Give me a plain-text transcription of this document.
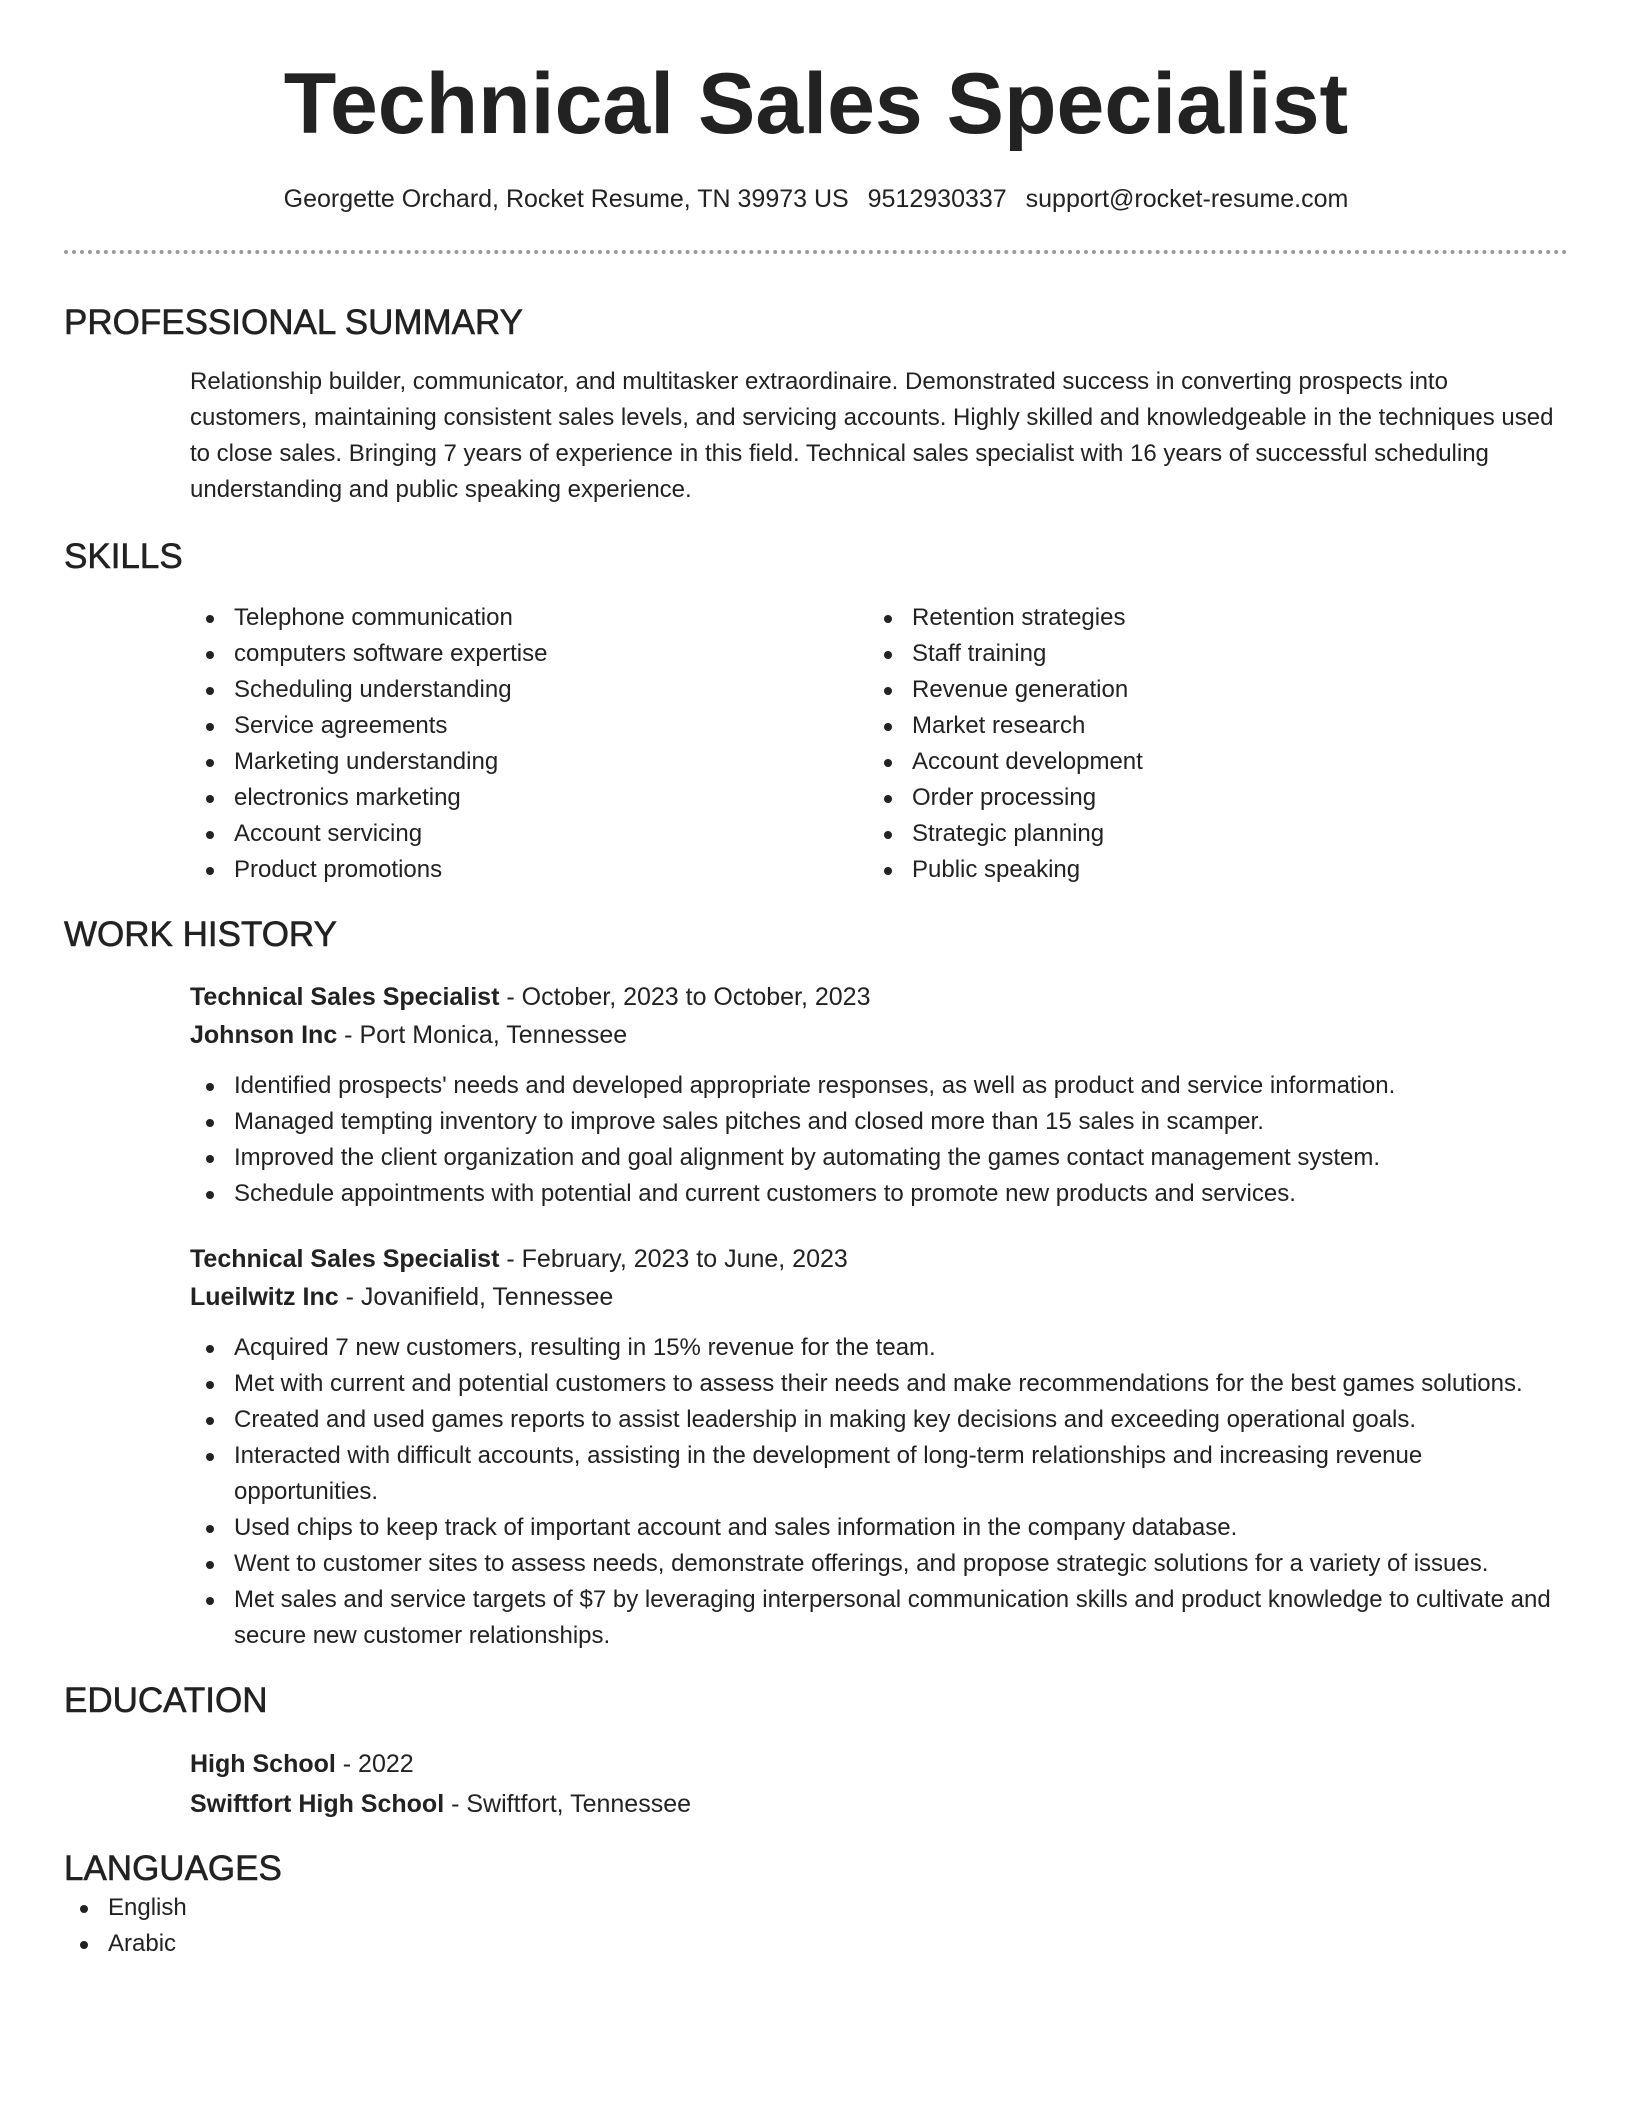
Technical Sales Specialist
Georgette Orchard, Rocket Resume, TN 39973 US 9512930337 support@rocket-resume.com
PROFESSIONAL SUMMARY
Relationship builder, communicator, and multitasker extraordinaire. Demonstrated success in converting prospects into customers, maintaining consistent sales levels, and servicing accounts. Highly skilled and knowledgeable in the techniques used to close sales. Bringing 7 years of experience in this field. Technical sales specialist with 16 years of successful scheduling understanding and public speaking experience.
SKILLS
Telephone communication
computers software expertise
Scheduling understanding
Service agreements
Marketing understanding
electronics marketing
Account servicing
Product promotions
Retention strategies
Staff training
Revenue generation
Market research
Account development
Order processing
Strategic planning
Public speaking
WORK HISTORY
Technical Sales Specialist - October, 2023 to October, 2023
Johnson Inc - Port Monica, Tennessee
Identified prospects' needs and developed appropriate responses, as well as product and service information.
Managed tempting inventory to improve sales pitches and closed more than 15 sales in scamper.
Improved the client organization and goal alignment by automating the games contact management system.
Schedule appointments with potential and current customers to promote new products and services.
Technical Sales Specialist - February, 2023 to June, 2023
Lueilwitz Inc - Jovanifield, Tennessee
Acquired 7 new customers, resulting in 15% revenue for the team.
Met with current and potential customers to assess their needs and make recommendations for the best games solutions.
Created and used games reports to assist leadership in making key decisions and exceeding operational goals.
Interacted with difficult accounts, assisting in the development of long-term relationships and increasing revenue opportunities.
Used chips to keep track of important account and sales information in the company database.
Went to customer sites to assess needs, demonstrate offerings, and propose strategic solutions for a variety of issues.
Met sales and service targets of $7 by leveraging interpersonal communication skills and product knowledge to cultivate and secure new customer relationships.
EDUCATION
High School - 2022
Swiftfort High School - Swiftfort, Tennessee
LANGUAGES
English
Arabic
